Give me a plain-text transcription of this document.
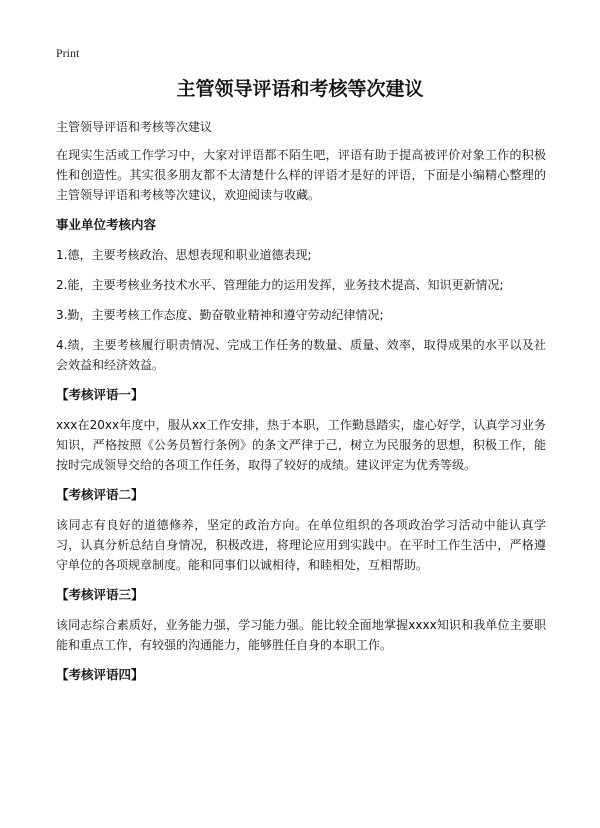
Print
主管领导评语和考核等次建议

主管领导评语和考核等次建议

在现实生活或工作学习中，大家对评语都不陌生吧，评语有助于提高被评价对象工作的积极性和创造性。其实很多朋友都不太清楚什么样的评语才是好的评语，下面是小编精心整理的主管领导评语和考核等次建议，欢迎阅读与收藏。

事业单位考核内容

1.德，主要考核政治、思想表现和职业道德表现;

2.能，主要考核业务技术水平、管理能力的运用发挥，业务技术提高、知识更新情况;

3.勤，主要考核工作态度、勤奋敬业精神和遵守劳动纪律情况;

4.绩，主要考核履行职责情况、完成工作任务的数量、质量、效率，取得成果的水平以及社会效益和经济效益。

【考核评语一】

xxx在20xx年度中，服从xx工作安排，热于本职，工作勤恳踏实，虚心好学，认真学习业务知识，严格按照《公务员暂行条例》的条文严律于己，树立为民服务的思想，积极工作，能按时完成领导交给的各项工作任务，取得了较好的成绩。建议评定为优秀等级。

【考核评语二】

该同志有良好的道德修养，坚定的政治方向。在单位组织的各项政治学习活动中能认真学习，认真分析总结自身情况，积极改进，将理论应用到实践中。在平时工作生活中，严格遵守单位的各项规章制度。能和同事们以诚相待，和睦相处，互相帮助。

【考核评语三】

该同志综合素质好，业务能力强，学习能力强。能比较全面地掌握xxxx知识和我单位主要职能和重点工作，有较强的沟通能力，能够胜任自身的本职工作。

【考核评语四】
